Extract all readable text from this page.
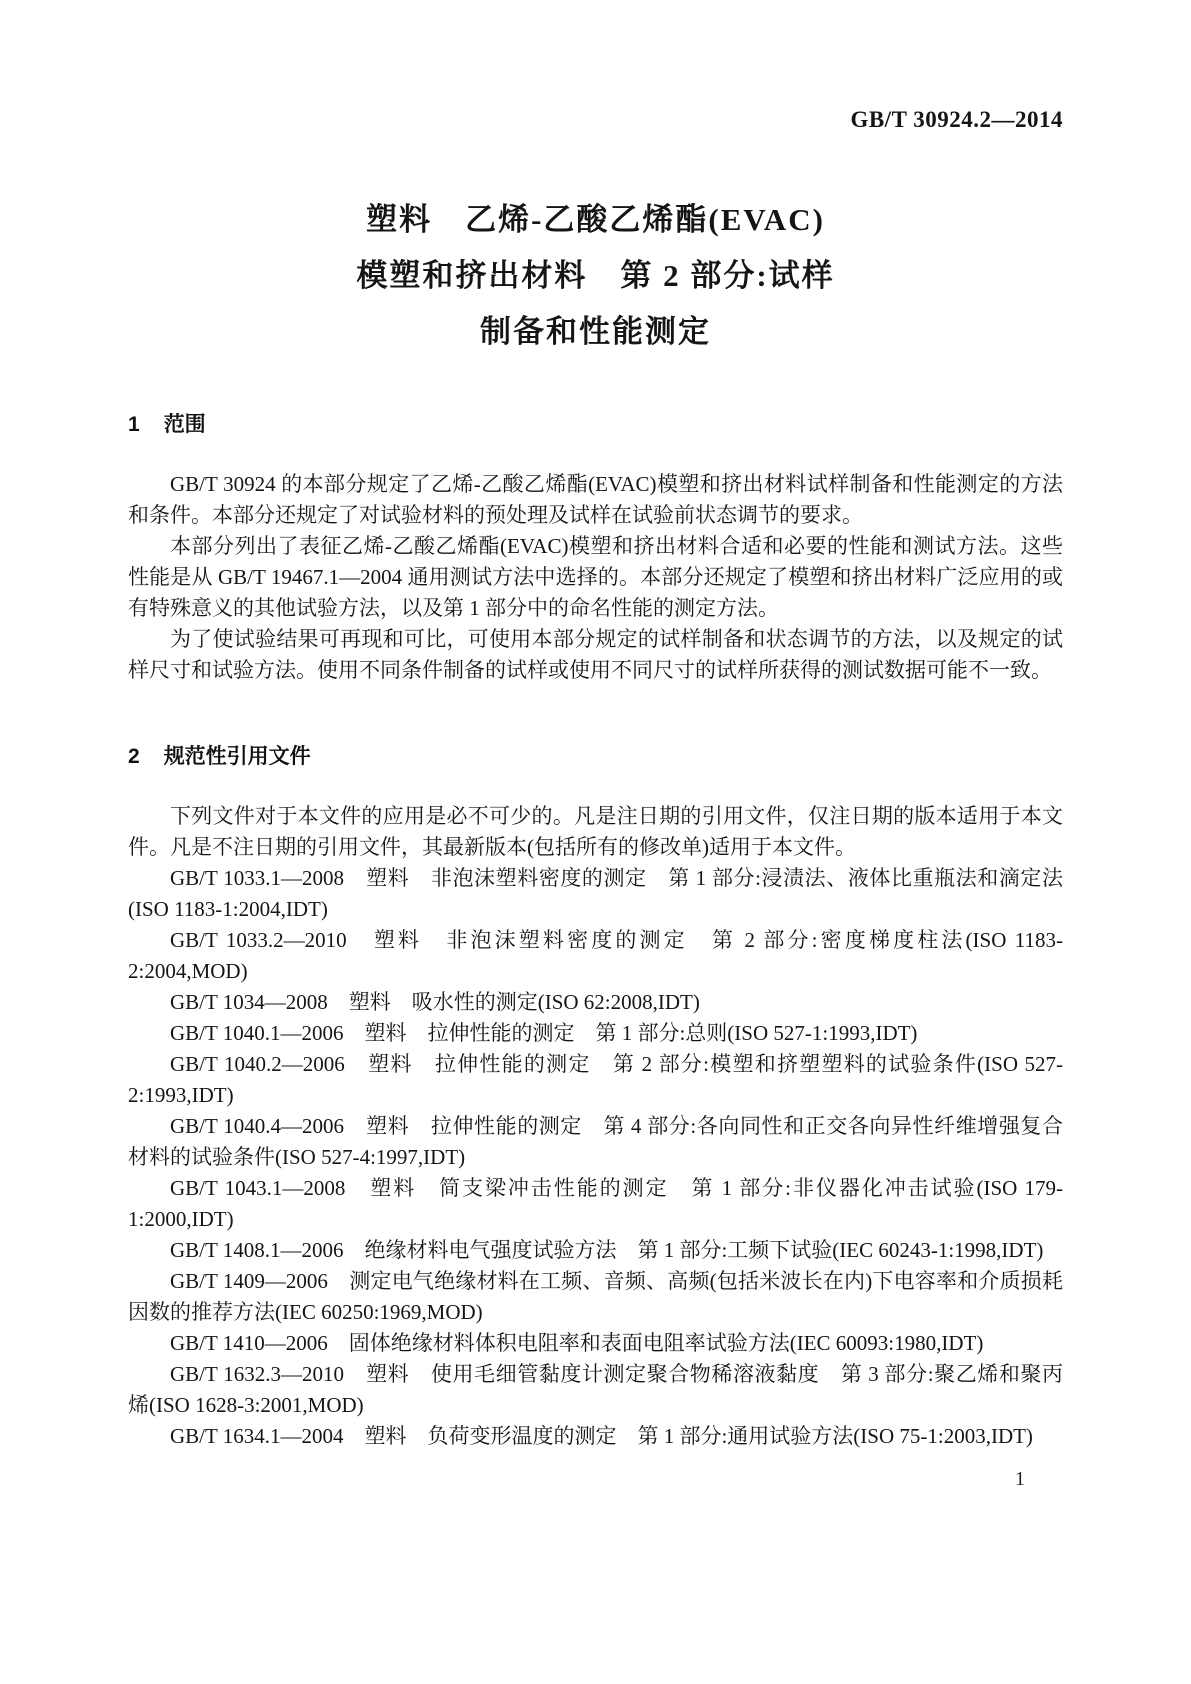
GB/T 30924.2—2014
塑料　乙烯-乙酸乙烯酯(EVAC)
模塑和挤出材料　第 2 部分:试样
制备和性能测定
1 范围

GB/T 30924 的本部分规定了乙烯-乙酸乙烯酯(EVAC)模塑和挤出材料试样制备和性能测定的方法和条件。本部分还规定了对试验材料的预处理及试样在试验前状态调节的要求。

本部分列出了表征乙烯-乙酸乙烯酯(EVAC)模塑和挤出材料合适和必要的性能和测试方法。这些性能是从 GB/T 19467.1—2004 通用测试方法中选择的。本部分还规定了模塑和挤出材料广泛应用的或有特殊意义的其他试验方法，以及第 1 部分中的命名性能的测定方法。

为了使试验结果可再现和可比，可使用本部分规定的试样制备和状态调节的方法，以及规定的试样尺寸和试验方法。使用不同条件制备的试样或使用不同尺寸的试样所获得的测试数据可能不一致。

2 规范性引用文件

下列文件对于本文件的应用是必不可少的。凡是注日期的引用文件，仅注日期的版本适用于本文件。凡是不注日期的引用文件，其最新版本(包括所有的修改单)适用于本文件。

GB/T 1033.1—2008　塑料　非泡沫塑料密度的测定　第 1 部分:浸渍法、液体比重瓶法和滴定法(ISO 1183-1:2004,IDT)

GB/T 1033.2—2010　塑料　非泡沫塑料密度的测定　第 2 部分:密度梯度柱法(ISO 1183-2:2004,MOD)

GB/T 1034—2008　塑料　吸水性的测定(ISO 62:2008,IDT)

GB/T 1040.1—2006　塑料　拉伸性能的测定　第 1 部分:总则(ISO 527-1:1993,IDT)

GB/T 1040.2—2006　塑料　拉伸性能的测定　第 2 部分:模塑和挤塑塑料的试验条件(ISO 527-2:1993,IDT)

GB/T 1040.4—2006　塑料　拉伸性能的测定　第 4 部分:各向同性和正交各向异性纤维增强复合材料的试验条件(ISO 527-4:1997,IDT)

GB/T 1043.1—2008　塑料　简支梁冲击性能的测定　第 1 部分:非仪器化冲击试验(ISO 179-1:2000,IDT)

GB/T 1408.1—2006　绝缘材料电气强度试验方法　第 1 部分:工频下试验(IEC 60243-1:1998,IDT)

GB/T 1409—2006　测定电气绝缘材料在工频、音频、高频(包括米波长在内)下电容率和介质损耗因数的推荐方法(IEC 60250:1969,MOD)

GB/T 1410—2006　固体绝缘材料体积电阻率和表面电阻率试验方法(IEC 60093:1980,IDT)

GB/T 1632.3—2010　塑料　使用毛细管黏度计测定聚合物稀溶液黏度　第 3 部分:聚乙烯和聚丙烯(ISO 1628-3:2001,MOD)

GB/T 1634.1—2004　塑料　负荷变形温度的测定　第 1 部分:通用试验方法(ISO 75-1:2003,IDT)

1
